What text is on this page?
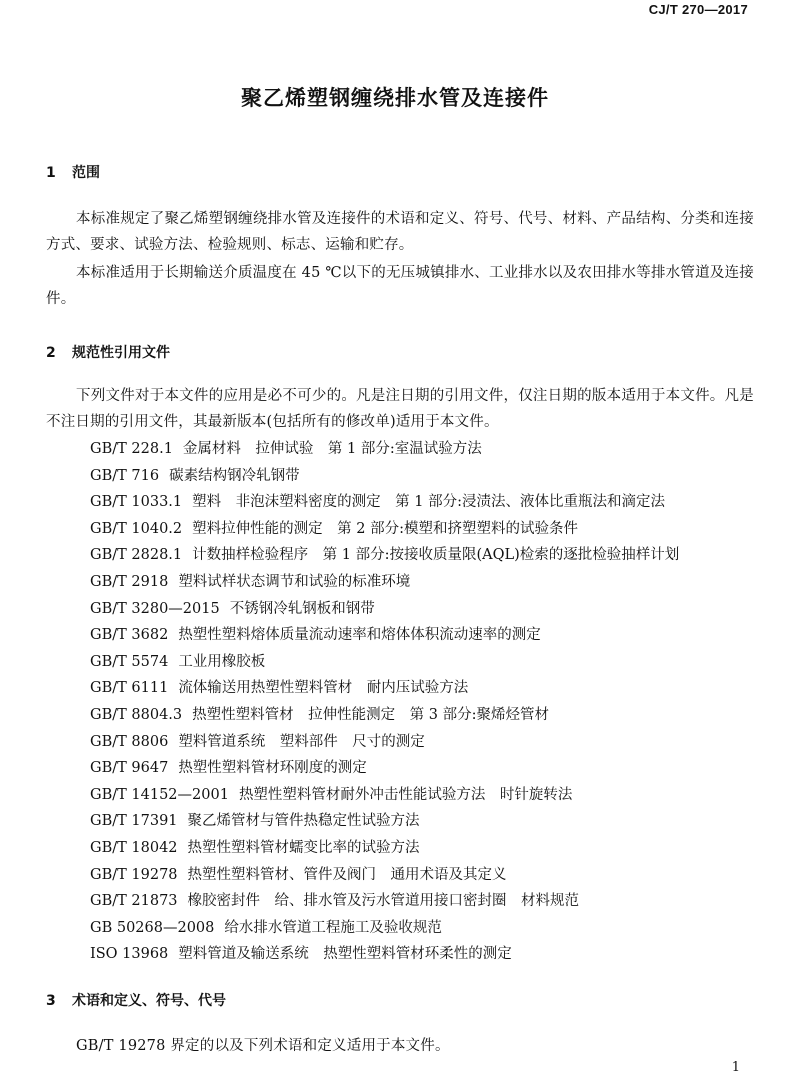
CJ/T 270—2017
聚乙烯塑钢缠绕排水管及连接件
1 范围
本标准规定了聚乙烯塑钢缠绕排水管及连接件的术语和定义、符号、代号、材料、产品结构、分类和连接方式、要求、试验方法、检验规则、标志、运输和贮存。
本标准适用于长期输送介质温度在 45 ℃以下的无压城镇排水、工业排水以及农田排水等排水管道及连接件。
2 规范性引用文件
下列文件对于本文件的应用是必不可少的。凡是注日期的引用文件，仅注日期的版本适用于本文件。凡是不注日期的引用文件，其最新版本(包括所有的修改单)适用于本文件。
GB/T 228.1 金属材料　拉伸试验　第 1 部分:室温试验方法
GB/T 716 碳素结构钢冷轧钢带
GB/T 1033.1 塑料　非泡沫塑料密度的测定　第 1 部分:浸渍法、液体比重瓶法和滴定法
GB/T 1040.2 塑料拉伸性能的测定　第 2 部分:模塑和挤塑塑料的试验条件
GB/T 2828.1 计数抽样检验程序　第 1 部分:按接收质量限(AQL)检索的逐批检验抽样计划
GB/T 2918 塑料试样状态调节和试验的标准环境
GB/T 3280—2015 不锈钢冷轧钢板和钢带
GB/T 3682 热塑性塑料熔体质量流动速率和熔体体积流动速率的测定
GB/T 5574 工业用橡胶板
GB/T 6111 流体输送用热塑性塑料管材　耐内压试验方法
GB/T 8804.3 热塑性塑料管材　拉伸性能测定　第 3 部分:聚烯烃管材
GB/T 8806 塑料管道系统　塑料部件　尺寸的测定
GB/T 9647 热塑性塑料管材环刚度的测定
GB/T 14152—2001 热塑性塑料管材耐外冲击性能试验方法　时针旋转法
GB/T 17391 聚乙烯管材与管件热稳定性试验方法
GB/T 18042 热塑性塑料管材蠕变比率的试验方法
GB/T 19278 热塑性塑料管材、管件及阀门　通用术语及其定义
GB/T 21873 橡胶密封件　给、排水管及污水管道用接口密封圈　材料规范
GB 50268—2008 给水排水管道工程施工及验收规范
ISO 13968 塑料管道及输送系统　热塑性塑料管材环柔性的测定
3 术语和定义、符号、代号
GB/T 19278 界定的以及下列术语和定义适用于本文件。
1
